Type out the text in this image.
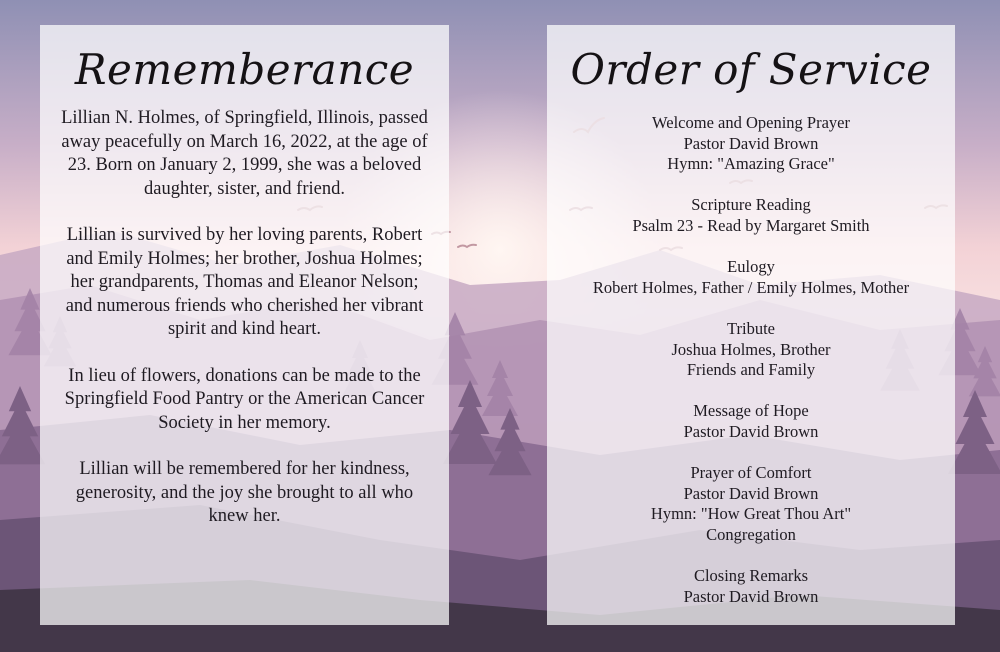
Rememberance

Lillian N. Holmes, of Springfield, Illinois, passed away peacefully on March 16, 2022, at the age of 23. Born on January 2, 1999, she was a beloved daughter, sister, and friend.

Lillian is survived by her loving parents, Robert and Emily Holmes; her brother, Joshua Holmes; her grandparents, Thomas and Eleanor Nelson; and numerous friends who cherished her vibrant spirit and kind heart.

In lieu of flowers, donations can be made to the Springfield Food Pantry or the American Cancer Society in her memory.

Lillian will be remembered for her kindness, generosity, and the joy she brought to all who knew her.

Order of Service
Welcome and Opening Prayer
Pastor David Brown
Hymn: "Amazing Grace"
Scripture Reading
Psalm 23 - Read by Margaret Smith
Eulogy
Robert Holmes, Father / Emily Holmes, Mother
Tribute
Joshua Holmes, Brother
Friends and Family
Message of Hope
Pastor David Brown
Prayer of Comfort
Pastor David Brown
Hymn: "How Great Thou Art"
Congregation
Closing Remarks
Pastor David Brown
